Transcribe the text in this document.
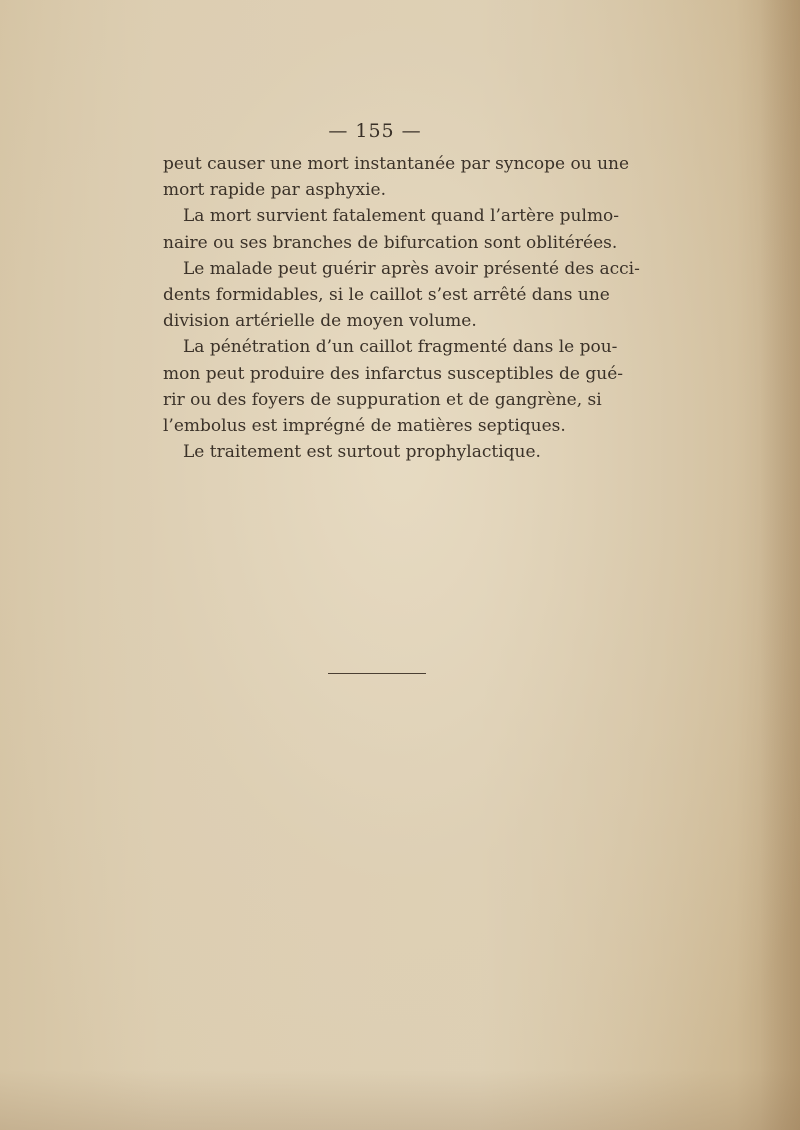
— 155 —
peut causer une mort instantanée par syncope ou une
mort rapide par asphyxie.
La mort survient fatalement quand l’artère pulmo-
naire ou ses branches de bifurcation sont oblitérées.
Le malade peut guérir après avoir présenté des acci-
dents formidables, si le caillot s’est arrêté dans une
division artérielle de moyen volume.
La pénétration d’un caillot fragmenté dans le pou-
mon peut produire des infarctus susceptibles de gué-
rir ou des foyers de suppuration et de gangrène, si
l’embolus est imprégné de matières septiques.
Le traitement est surtout prophylactique.
